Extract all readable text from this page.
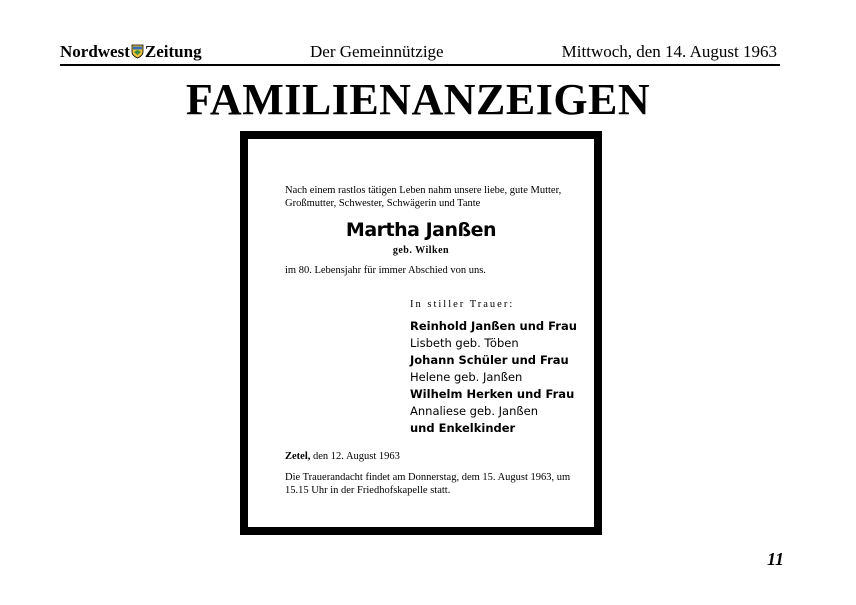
Nordwest Zeitung	Der Gemeinnützige	Mittwoch, den 14. August 1963
FAMILIENANZEIGEN
Nach einem rastlos tätigen Leben nahm unsere liebe, gute Mutter, Großmutter, Schwester, Schwägerin und Tante
Martha Janßen
geb. Wilken
im 80. Lebensjahr für immer Abschied von uns.
In stiller Trauer:
Reinhold Janßen und Frau
Lisbeth geb. Töben
Johann Schüler und Frau
Helene geb. Janßen
Wilhelm Herken und Frau
Annaliese geb. Janßen
und Enkelkinder
Zetel, den 12. August 1963
Die Trauerandacht findet am Donnerstag, dem 15. August 1963, um 15.15 Uhr in der Friedhofskapelle statt.
11
